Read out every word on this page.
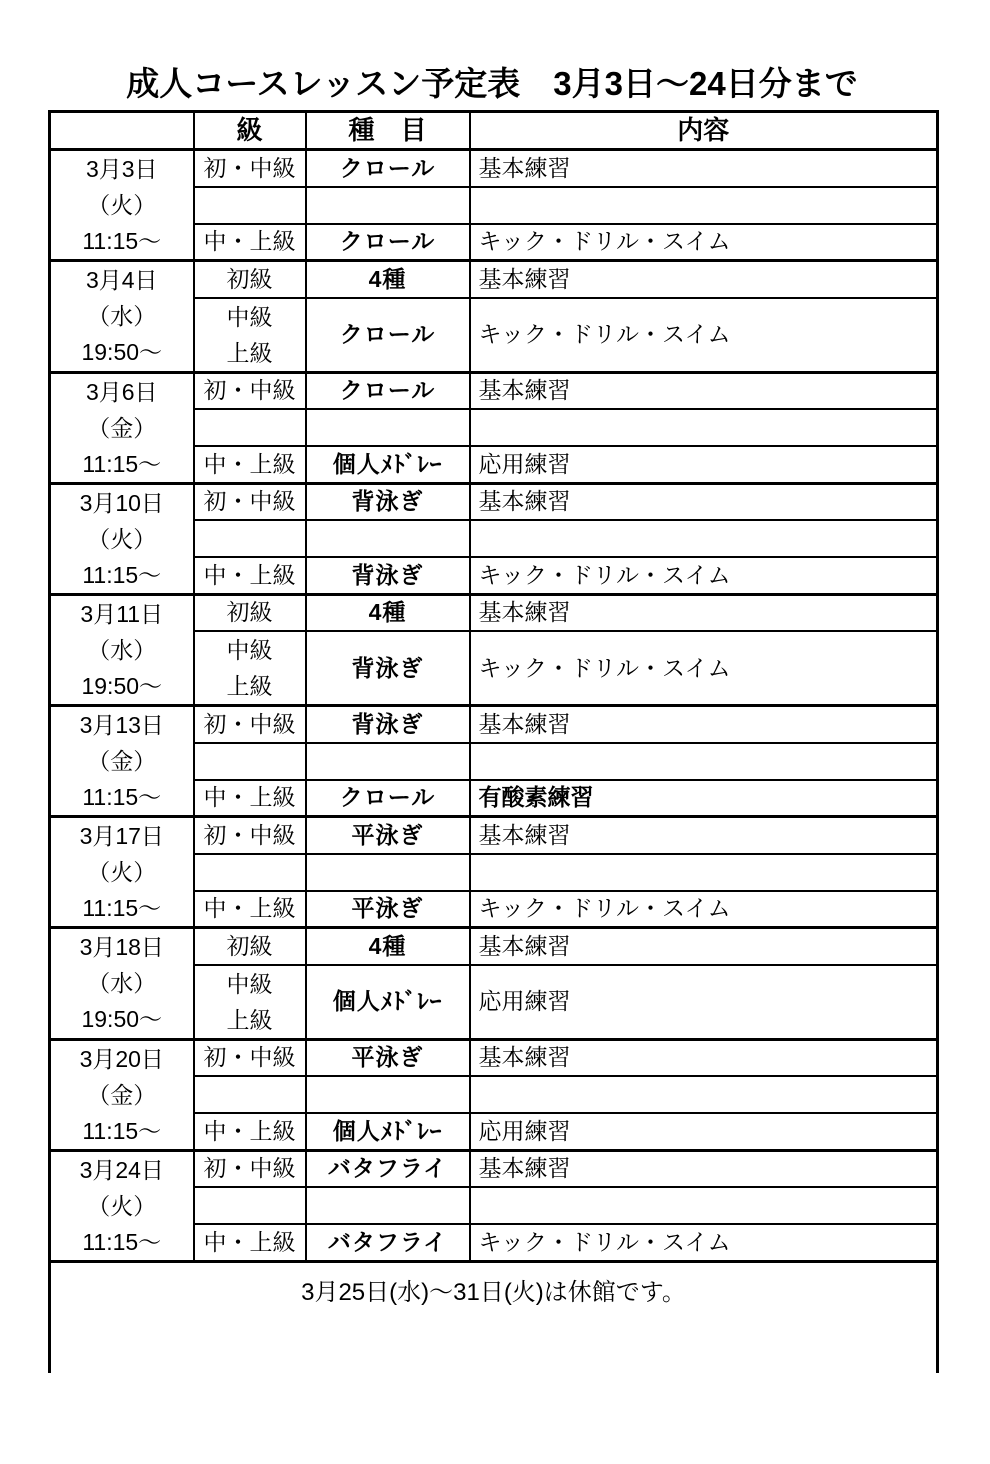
成人コースレッスン予定表　3月3日～24日分まで
	級	種　目	内容

3月3日
（火）
11:15～	初・中級	クロール	基本練習

	中・上級	クロール	キック・ドリル・スイム

3月4日
（水）
19:50～	初級	4種	基本練習

	中級
上級	クロール	キック・ドリル・スイム

3月6日
（金）
11:15～	初・中級	クロール	基本練習

	中・上級	個人ﾒﾄﾞﾚｰ	応用練習

3月10日
（火）
11:15～	初・中級	背泳ぎ	基本練習

	中・上級	背泳ぎ	キック・ドリル・スイム

3月11日
（水）
19:50～	初級	4種	基本練習

	中級
上級	背泳ぎ	キック・ドリル・スイム

3月13日
（金）
11:15～	初・中級	背泳ぎ	基本練習

	中・上級	クロール	有酸素練習

3月17日
（火）
11:15～	初・中級	平泳ぎ	基本練習

	中・上級	平泳ぎ	キック・ドリル・スイム

3月18日
（水）
19:50～	初級	4種	基本練習

	中級
上級	個人ﾒﾄﾞﾚｰ	応用練習

3月20日
（金）
11:15～	初・中級	平泳ぎ	基本練習

	中・上級	個人ﾒﾄﾞﾚｰ	応用練習

3月24日
（火）
11:15～	初・中級	バタフライ	基本練習

	中・上級	バタフライ	キック・ドリル・スイム
3月25日(水)～31日(火)は休館です。			
